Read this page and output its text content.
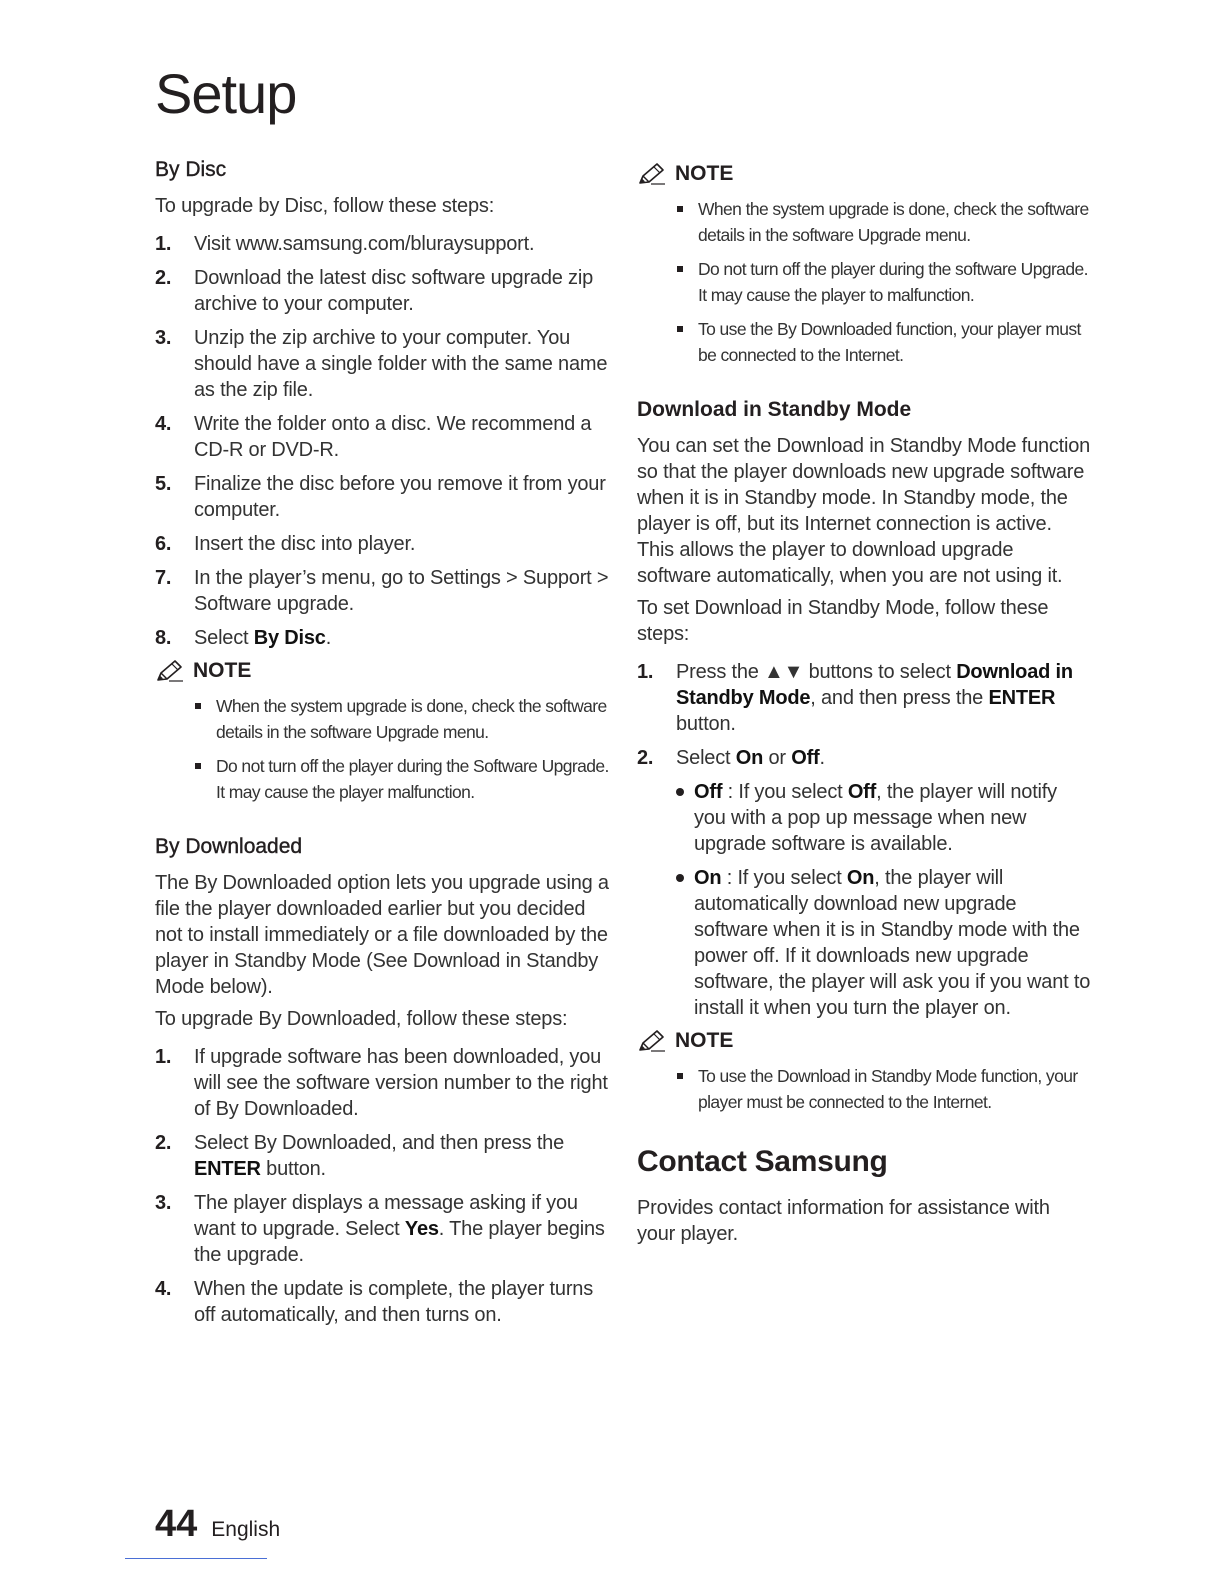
Setup
By Disc

To upgrade by Disc, follow these steps:

1.	Visit www.samsung.com/bluraysupport.
2.	Download the latest disc software upgrade zip archive to your computer.
3.	Unzip the zip archive to your computer. You should have a single folder with the same name as the zip file.
4.	Write the folder onto a disc. We recommend a CD-R or DVD-R.
5.	Finalize the disc before you remove it from your computer.
6.	Insert the disc into player.
7.	In the player’s menu, go to Settings > Support > Software upgrade.
8.	Select By Disc.
NOTE
When the system upgrade is done, check the software details in the software Upgrade menu.
Do not turn off the player during the Software Upgrade. It may cause the player malfunction.
By Downloaded

The By Downloaded option lets you upgrade using a file the player downloaded earlier but you decided not to install immediately or a file downloaded by the player in Standby Mode (See Download in Standby Mode below).

To upgrade By Downloaded, follow these steps:

1.	If upgrade software has been downloaded, you will see the software version number to the right of By Downloaded.
2.	Select By Downloaded, and then press the ENTER button.
3.	The player displays a message asking if you want to upgrade. Select Yes. The player begins the upgrade.
4.	When the update is complete, the player turns off automatically, and then turns on.
NOTE
When the system upgrade is done, check the software details in the software Upgrade menu.
Do not turn off the player during the software Upgrade. It may cause the player to malfunction.
To use the By Downloaded function, your player must be connected to the Internet.
Download in Standby Mode

You can set the Download in Standby Mode function so that the player downloads new upgrade software when it is in Standby mode. In Standby mode, the player is off, but its Internet connection is active. This allows the player to download upgrade software automatically, when you are not using it.

To set Download in Standby Mode, follow these steps:

1.	Press the ▲▼ buttons to select Download in Standby Mode, and then press the ENTER button.
2.	Select On or Off.
Off : If you select Off, the player will notify you with a pop up message when new upgrade software is available.
On : If you select On, the player will automatically download new upgrade software when it is in Standby mode with the power off. If it downloads new upgrade software, the player will ask you if you want to install it when you turn the player on.
NOTE
To use the Download in Standby Mode function, your player must be connected to the Internet.
Contact Samsung

Provides contact information for assistance with your player.

44 English
